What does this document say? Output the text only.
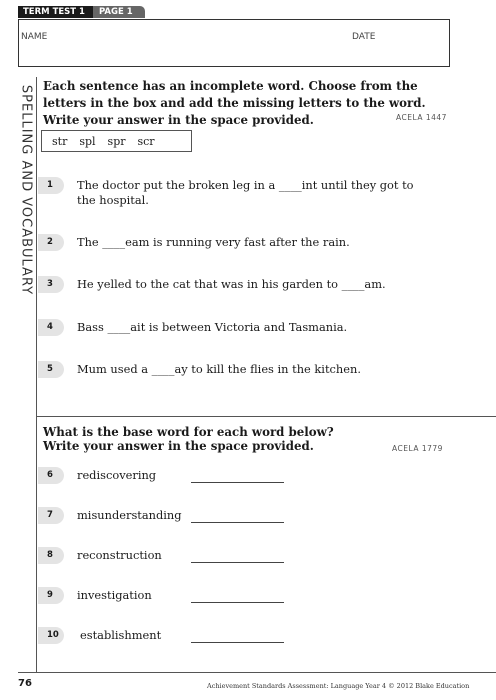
TERM TEST 1	PAGE 1
NAME	DATE
SPELLING AND VOCABULARY Each sentence has an incomplete word. Choose from the letters in the box and add the missing letters to the word. Write your answer in the space provided.	ACELA 1447
str spl spr scr
1	The doctor put the broken leg in a ____int until they got to the hospital.
2	The ____eam is running very fast after the rain.
3	He yelled to the cat that was in his garden to ____am.
4	Bass ____ait is between Victoria and Tasmania.
5	Mum used a ____ay to kill the flies in the kitchen.
What is the base word for each word below?
Write your answer in the space provided.	ACELA 1779
6	rediscovering
7	misunderstanding
8	reconstruction
9	investigation
10	establishment
76	Achievement Standards Assessment: Language Year 4 © 2012 Blake Education
